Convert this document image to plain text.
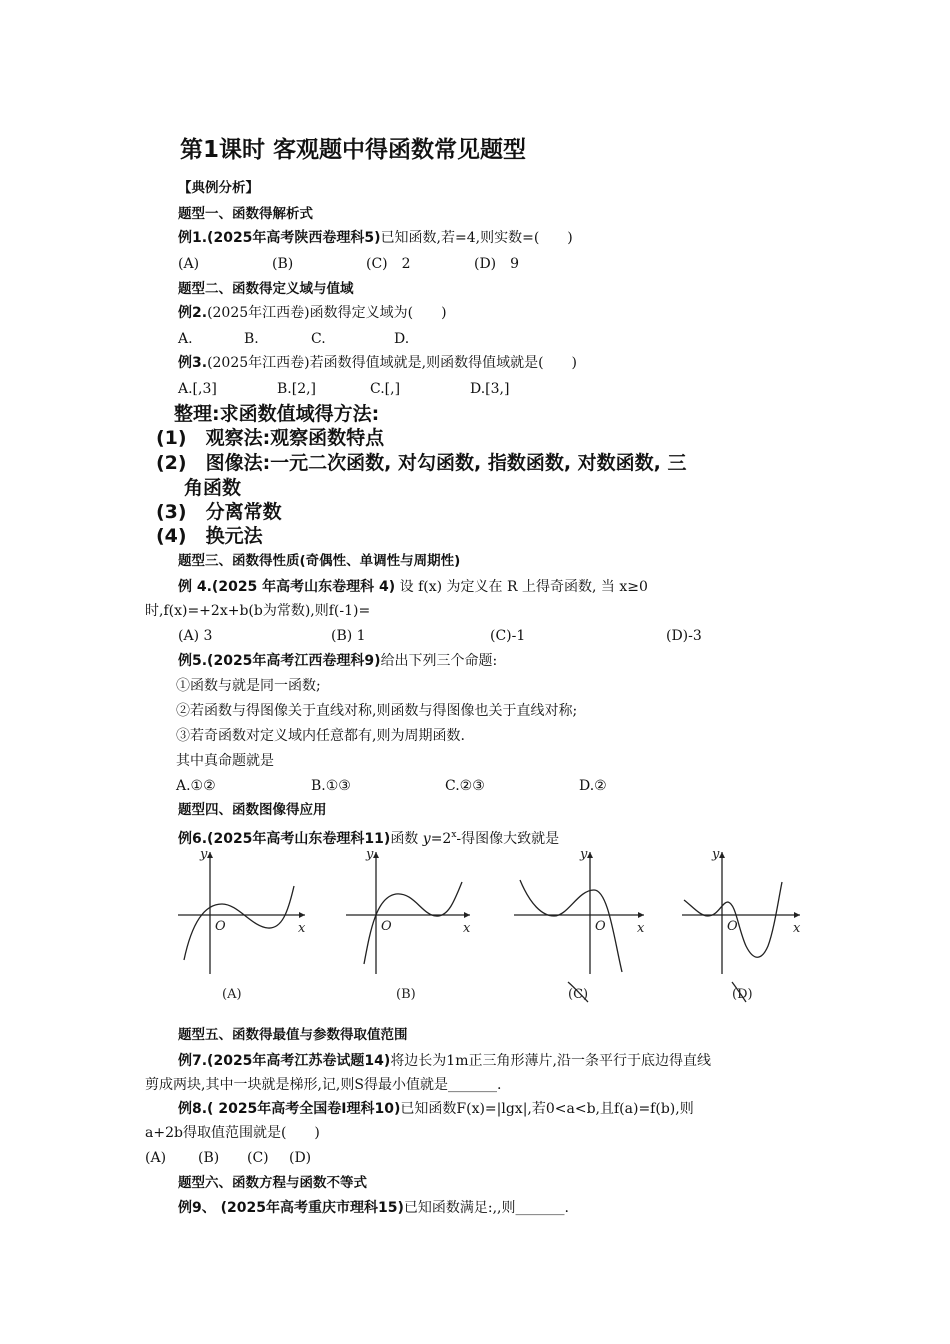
第1课时 客观题中得函数常见题型
【典例分析】
题型一、函数得解析式
例1.(2025年高考陕西卷理科5)已知函数,若=4,则实数=(　　)
(A)	(B)	(C)　2	(D)　9
题型二、函数得定义域与值域
例2.(2025年江西卷)函数得定义域为(　　)
A.	B.	C.	D.
例3.(2025年江西卷)若函数得值域就是,则函数得值域就是(　　)
A.[,3]	B.[2,]	C.[,]	D.[3,]
整理:求函数值域得方法:
(1)　观察法:观察函数特点
(2)　图像法:一元二次函数, 对勾函数, 指数函数, 对数函数, 三
角函数
(3)　分离常数
(4)　换元法
题型三、函数得性质(奇偶性、单调性与周期性)
例 4.(2025 年高考山东卷理科 4) 设 f(x) 为定义在 R 上得奇函数, 当 x≥0
时,f(x)=+2x+b(b为常数),则f(-1)=
(A) 3	(B) 1	(C)-1	(D)-3
例5.(2025年高考江西卷理科9)给出下列三个命题:
①函数与就是同一函数;
②若函数与得图像关于直线对称,则函数与得图像也关于直线对称;
③若奇函数对定义域内任意都有,则为周期函数.
其中真命题就是
A.①②	B.①③	C.②③	D.②
题型四、函数图像得应用
例6.(2025年高考山东卷理科11)函数 $y=2^x-$得图像大致就是
y
x
O
y
x
O
y
x
O
y
x
O
(A)	(B)	(C)	(D)
题型五、函数得最值与参数得取值范围
例7.(2025年高考江苏卷试题14)将边长为1m正三角形薄片,沿一条平行于底边得直线
剪成两块,其中一块就是梯形,记,则S得最小值就是_______.
例8.( 2025年高考全国卷Ⅰ理科10)已知函数F(x)=|lgx|,若0<a<b,且f(a)=f(b),则
a+2b得取值范围就是(　　)
(A) (B) (C) (D)
题型六、函数方程与函数不等式
例9、 (2025年高考重庆市理科15)已知函数满足:,,则_______.
